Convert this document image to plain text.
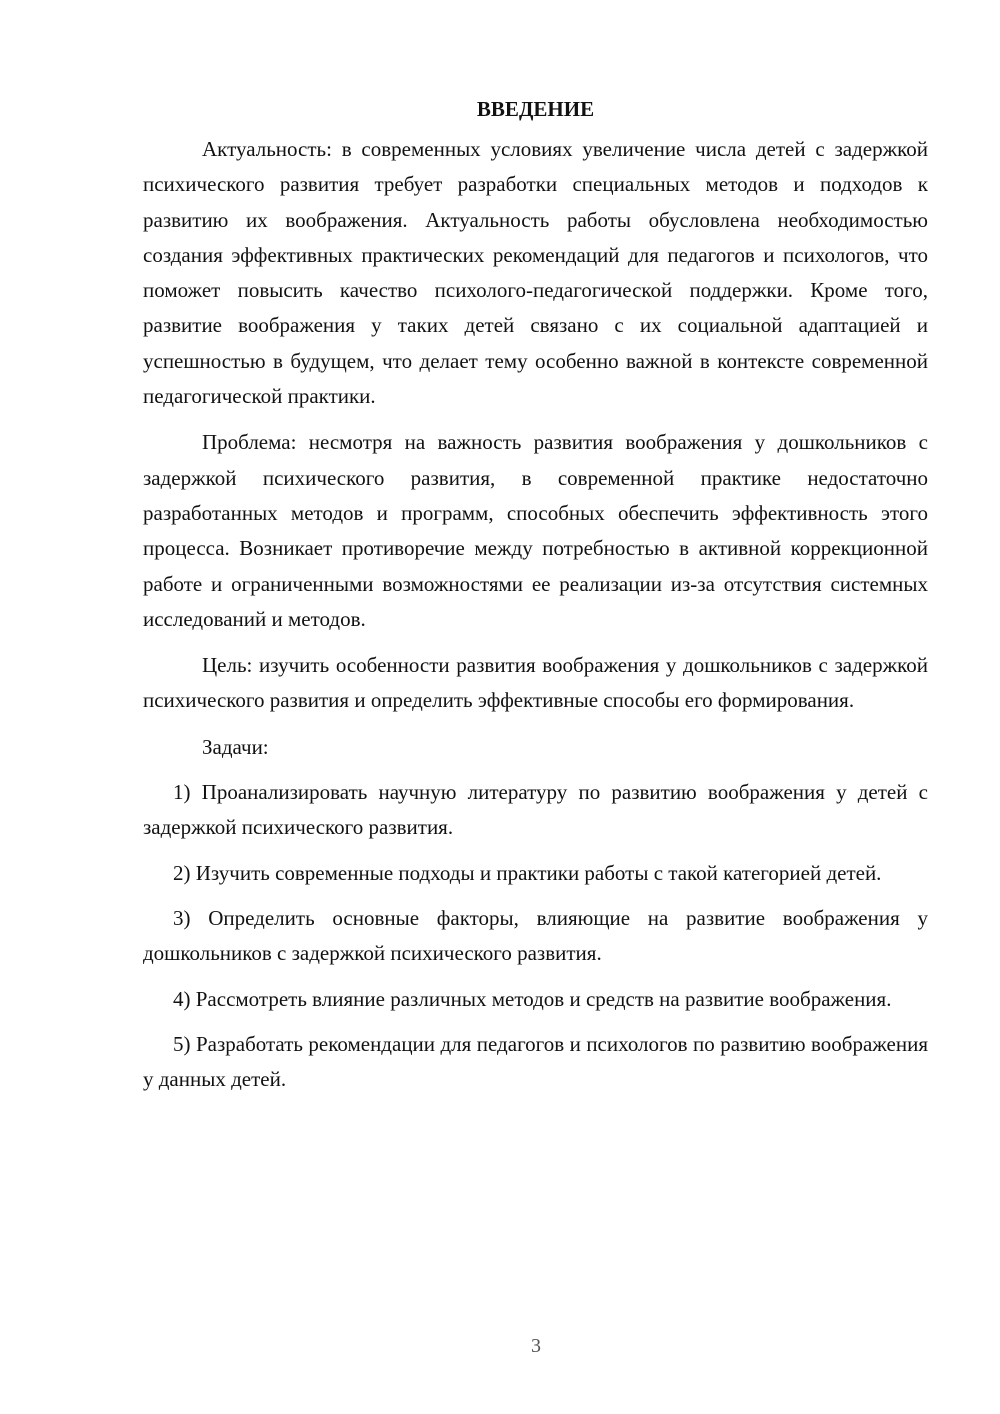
ВВЕДЕНИЕ

Актуальность: в современных условиях увеличение числа детей с задержкой психического развития требует разработки специальных методов и подходов к развитию их воображения. Актуальность работы обусловлена необходимостью создания эффективных практических рекомендаций для педагогов и психологов, что поможет повысить качество психолого-педагогической поддержки. Кроме того, развитие воображения у таких детей связано с их социальной адаптацией и успешностью в будущем, что делает тему особенно важной в контексте современной педагогической практики.

Проблема: несмотря на важность развития воображения у дошкольников с задержкой психического развития, в современной практике недостаточно разработанных методов и программ, способных обеспечить эффективность этого процесса. Возникает противоречие между потребностью в активной коррекционной работе и ограниченными возможностями ее реализации из-за отсутствия системных исследований и методов.

Цель: изучить особенности развития воображения у дошкольников с задержкой психического развития и определить эффективные способы его формирования.

Задачи:

1) Проанализировать научную литературу по развитию воображения у детей с задержкой психического развития.

2) Изучить современные подходы и практики работы с такой категорией детей.

3) Определить основные факторы, влияющие на развитие воображения у дошкольников с задержкой психического развития.

4) Рассмотреть влияние различных методов и средств на развитие воображения.

5) Разработать рекомендации для педагогов и психологов по развитию воображения у данных детей.

3
